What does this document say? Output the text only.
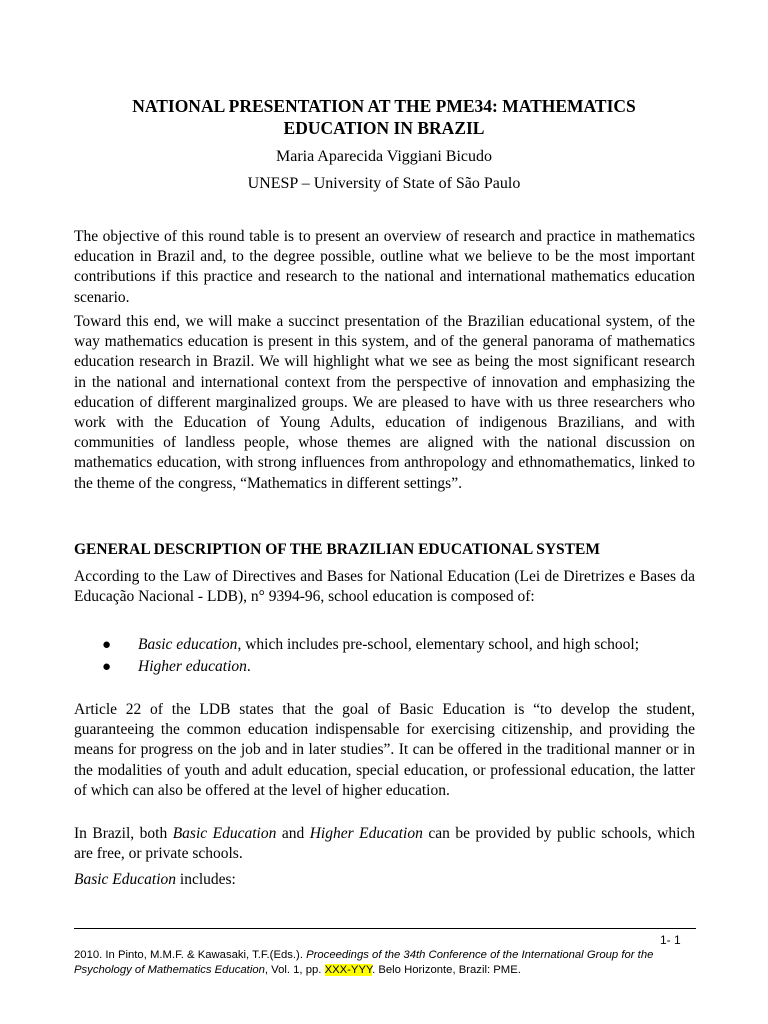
NATIONAL PRESENTATION AT THE PME34: MATHEMATICS
EDUCATION IN BRAZIL
Maria Aparecida Viggiani Bicudo
UNESP – University of State of São Paulo

The objective of this round table is to present an overview of research and practice in mathematics education in Brazil and, to the degree possible, outline what we believe to be the most important contributions if this practice and research to the national and international mathematics education scenario.

Toward this end, we will make a succinct presentation of the Brazilian educational system, of the way mathematics education is present in this system, and of the general panorama of mathematics education research in Brazil. We will highlight what we see as being the most significant research in the national and international context from the perspective of innovation and emphasizing the education of different marginalized groups. We are pleased to have with us three researchers who work with the Education of Young Adults, education of indigenous Brazilians, and with communities of landless people, whose themes are aligned with the national discussion on mathematics education, with strong influences from anthropology and ethnomathematics, linked to the theme of the congress, “Mathematics in different settings”.

GENERAL DESCRIPTION OF THE BRAZILIAN EDUCATIONAL SYSTEM

According to the Law of Directives and Bases for National Education (Lei de Diretrizes e Bases da Educação Nacional - LDB), n° 9394-96, school education is composed of:

● Basic education, which includes pre-school, elementary school, and high school;
● Higher education.

Article 22 of the LDB states that the goal of Basic Education is “to develop the student, guaranteeing the common education indispensable for exercising citizenship, and providing the means for progress on the job and in later studies”. It can be offered in the traditional manner or in the modalities of youth and adult education, special education, or professional education, the latter of which can also be offered at the level of higher education.

In Brazil, both Basic Education and Higher Education can be provided by public schools, which are free, or private schools.

Basic Education includes:

1- 1
2010. In Pinto, M.M.F. & Kawasaki, T.F.(Eds.). Proceedings of the 34th Conference of the International Group for the Psychology of Mathematics Education, Vol. 1, pp. XXX-YYY. Belo Horizonte, Brazil: PME.
